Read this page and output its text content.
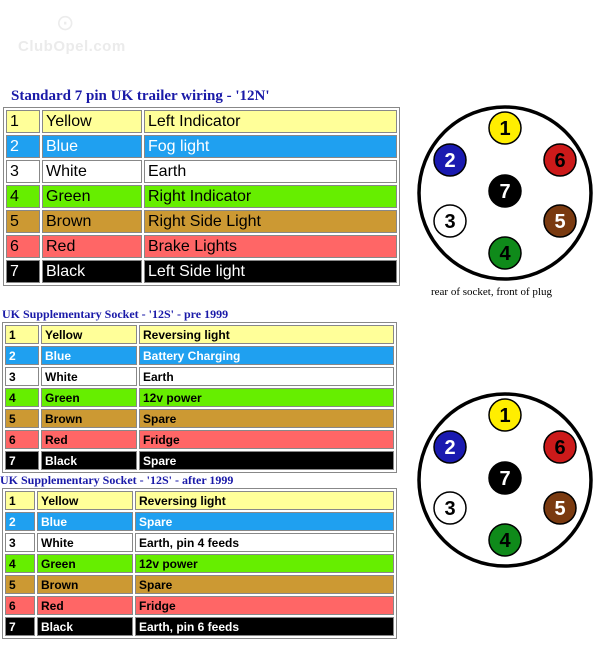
⊙
ClubOpel.com
Standard 7 pin UK trailer wiring - '12N'
1	Yellow	Left Indicator
2	Blue	Fog light
3	White	Earth
4	Green	Right Indicator
5	Brown	Right Side Light
6	Red	Brake Lights
7	Black	Left Side light
UK Supplementary Socket - '12S' - pre 1999
1	Yellow	Reversing light
2	Blue	Battery Charging
3	White	Earth
4	Green	12v power
5	Brown	Spare
6	Red	Fridge
7	Black	Spare
UK Supplementary Socket - '12S' - after 1999
1	Yellow	Reversing light
2	Blue	Spare
3	White	Earth, pin 4 feeds
4	Green	12v power
5	Brown	Spare
6	Red	Fridge
7	Black	Earth, pin 6 feeds
1
2
3
4
5
6
7
rear of socket, front of plug
1
2
3
4
5
6
7
